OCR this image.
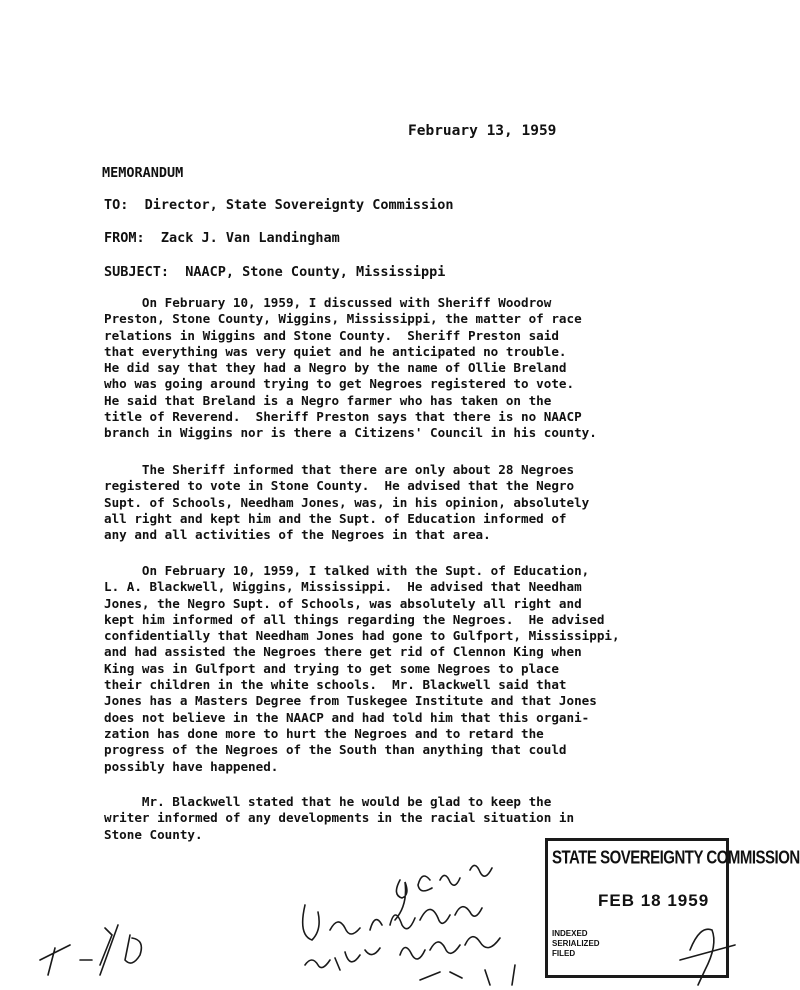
February 13, 1959
MEMORANDUM
TO:  Director, State Sovereignty Commission
FROM:  Zack J. Van Landingham
SUBJECT:  NAACP, Stone County, Mississippi
On February 10, 1959, I discussed with Sheriff Woodrow
Preston, Stone County, Wiggins, Mississippi, the matter of race
relations in Wiggins and Stone County.  Sheriff Preston said
that everything was very quiet and he anticipated no trouble.
He did say that they had a Negro by the name of Ollie Breland
who was going around trying to get Negroes registered to vote.
He said that Breland is a Negro farmer who has taken on the
title of Reverend.  Sheriff Preston says that there is no NAACP
branch in Wiggins nor is there a Citizens' Council in his county.
The Sheriff informed that there are only about 28 Negroes
registered to vote in Stone County.  He advised that the Negro
Supt. of Schools, Needham Jones, was, in his opinion, absolutely
all right and kept him and the Supt. of Education informed of
any and all activities of the Negroes in that area.
On February 10, 1959, I talked with the Supt. of Education,
L. A. Blackwell, Wiggins, Mississippi.  He advised that Needham
Jones, the Negro Supt. of Schools, was absolutely all right and
kept him informed of all things regarding the Negroes.  He advised
confidentially that Needham Jones had gone to Gulfport, Mississippi,
and had assisted the Negroes there get rid of Clennon King when
King was in Gulfport and trying to get some Negroes to place
their children in the white schools.  Mr. Blackwell said that
Jones has a Masters Degree from Tuskegee Institute and that Jones
does not believe in the NAACP and had told him that this organi-
zation has done more to hurt the Negroes and to retard the
progress of the Negroes of the South than anything that could
possibly have happened.
Mr. Blackwell stated that he would be glad to keep the
writer informed of any developments in the racial situation in
Stone County.
STATE SOVEREIGNTY COMMISSION
FEB 18 1959
INDEXED
SERIALIZED
FILED
